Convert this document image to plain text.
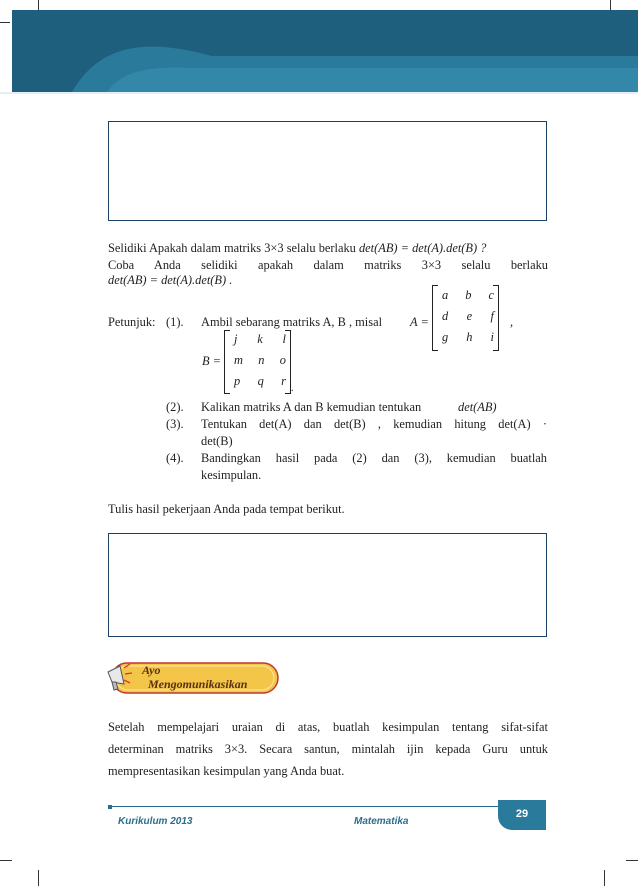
Selidiki Apakah dalam matriks 3×3 selalu berlaku det(AB) = det(A).det(B) ?
Coba Anda selidiki apakah dalam matriks 3×3 selalu berlaku
det(AB) = det(A).det(B) .
Petunjuk: (1).	Ambil sebarang matriks A, B , misal	A =
a b c
d e f
g h i
,
B =
j k l
m n o
p q r
.
(2).	Kalikan matriks A dan B kemudian tentukan	det(AB)
(3).	Tentukan det(A) dan det(B) , kemudian hitung det(A) ·
det(B)
(4).	Bandingkan hasil pada (2) dan (3), kemudian buatlah
kesimpulan.
Tulis hasil pekerjaan Anda pada tempat berikut.
Ayo
Mengomunikasikan
Setelah mempelajari uraian di atas, buatlah kesimpulan tentang sifat-sifat
determinan matriks 3×3. Secara santun, mintalah ijin kepada Guru untuk
mempresentasikan kesimpulan yang Anda buat.
Kurikulum 2013	Matematika
29
